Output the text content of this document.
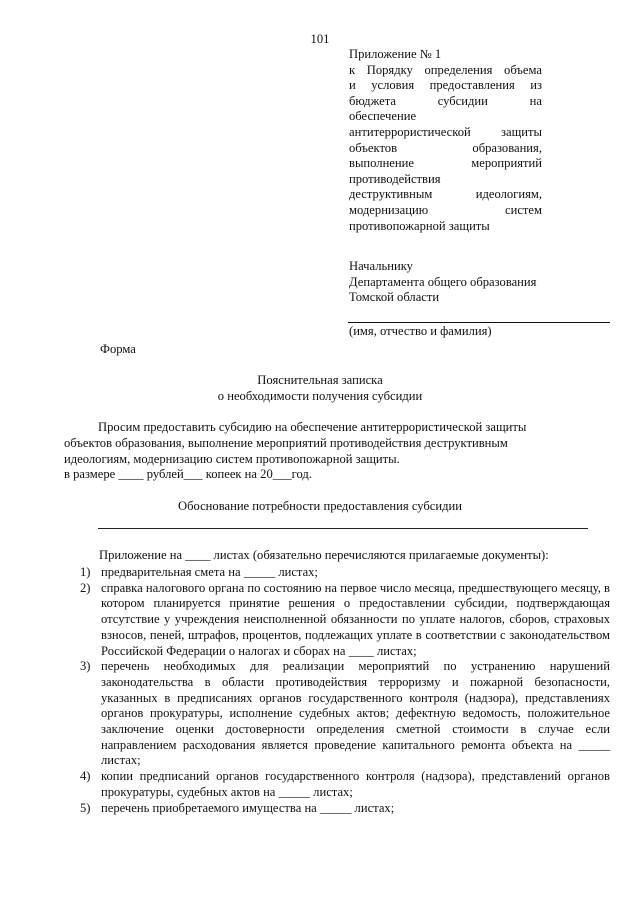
101
Приложение № 1
к Порядку определения объема
и условия предоставления из
бюджета субсидии на
обеспечение
антитеррористической защиты
объектов образования,
выполнение мероприятий
противодействия
деструктивным идеологиям,
модернизацию систем
противопожарной защиты
Начальнику
Департамента общего образования
Томской области
(имя, отчество и фамилия)
Форма
Пояснительная записка
о необходимости получения субсидии
Просим предоставить субсидию на обеспечение антитеррористической защиты
объектов образования, выполнение мероприятий противодействия деструктивным
идеологиям, модернизацию систем противопожарной защиты.
в размере ____ рублей___ копеек на 20___год.
Обоснование потребности предоставления субсидии
Приложение на ____ листах (обязательно перечисляются прилагаемые документы):
1) предварительная смета на _____ листах;
2) справка налогового органа по состоянию на первое число месяца, предшествующего месяцу, в котором планируется принятие решения о предоставлении субсидии, подтверждающая отсутствие у учреждения неисполненной обязанности по уплате налогов, сборов, страховых взносов, пеней, штрафов, процентов, подлежащих уплате в соответствии с законодательством Российской Федерации о налогах и сборах на ____ листах;
3) перечень необходимых для реализации мероприятий по устранению нарушений законодательства в области противодействия терроризму и пожарной безопасности, указанных в предписаниях органов государственного контроля (надзора), представлениях органов прокуратуры, исполнение судебных актов; дефектную ведомость, положительное заключение оценки достоверности определения сметной стоимости в случае если направлением расходования является проведение капитального ремонта объекта на _____ листах;
4) копии предписаний органов государственного контроля (надзора), представлений органов прокуратуры, судебных актов на _____ листах;
5) перечень приобретаемого имущества на _____ листах;
